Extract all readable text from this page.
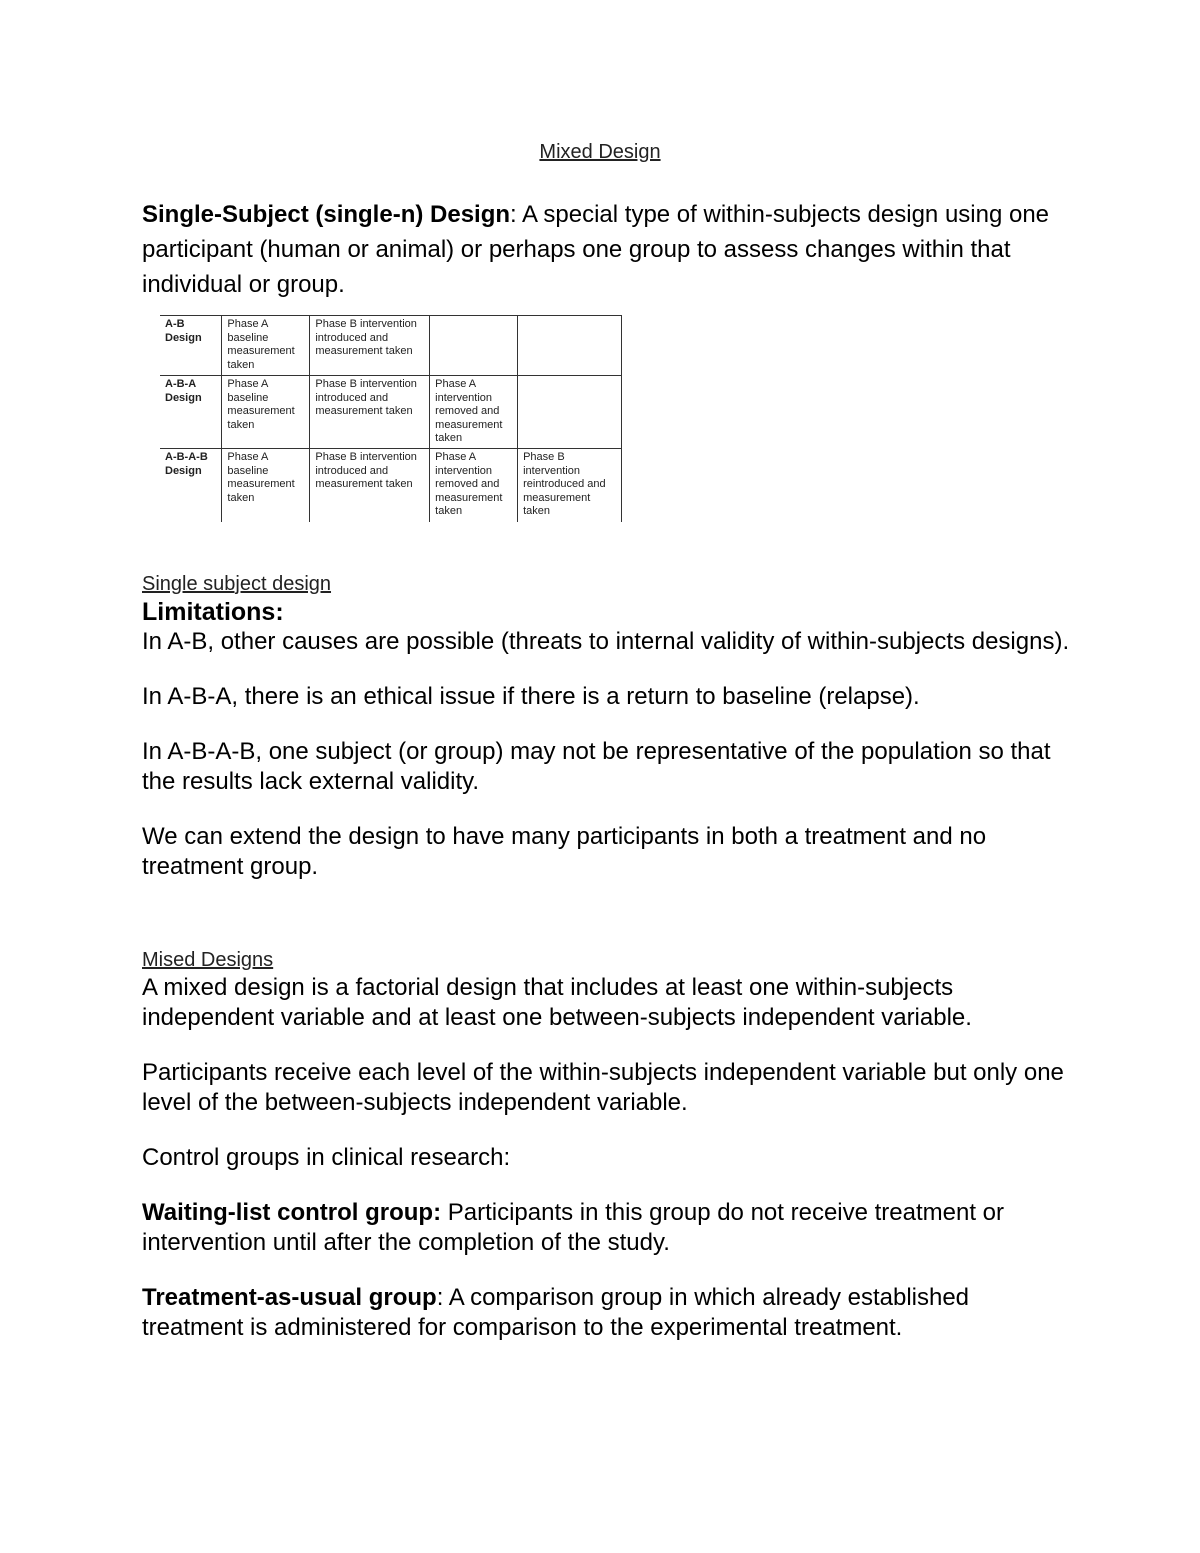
Mixed Design

Single-Subject (single-n) Design: A special type of within-subjects design using one participant (human or animal) or perhaps one group to assess changes within that individual or group.

A-B Design	Phase A baseline measurement taken	Phase B intervention introduced and measurement taken		
A-B-A Design	Phase A baseline measurement taken	Phase B intervention introduced and measurement taken	Phase A intervention removed and measurement taken	
A-B-A-B Design	Phase A baseline measurement taken	Phase B intervention introduced and measurement taken	Phase A intervention removed and measurement taken	Phase B intervention reintroduced and measurement taken

Single subject design

Limitations:

In A-B, other causes are possible (threats to internal validity of within-subjects designs).

In A-B-A, there is an ethical issue if there is a return to baseline (relapse).

In A-B-A-B, one subject (or group) may not be representative of the population so that the results lack external validity.

We can extend the design to have many participants in both a treatment and no treatment group.

Mised Designs

A mixed design is a factorial design that includes at least one within-subjects independent variable and at least one between-subjects independent variable.

Participants receive each level of the within-subjects independent variable but only one level of the between-subjects independent variable.

Control groups in clinical research:

Waiting-list control group: Participants in this group do not receive treatment or intervention until after the completion of the study.

Treatment-as-usual group: A comparison group in which already established treatment is administered for comparison to the experimental treatment.
